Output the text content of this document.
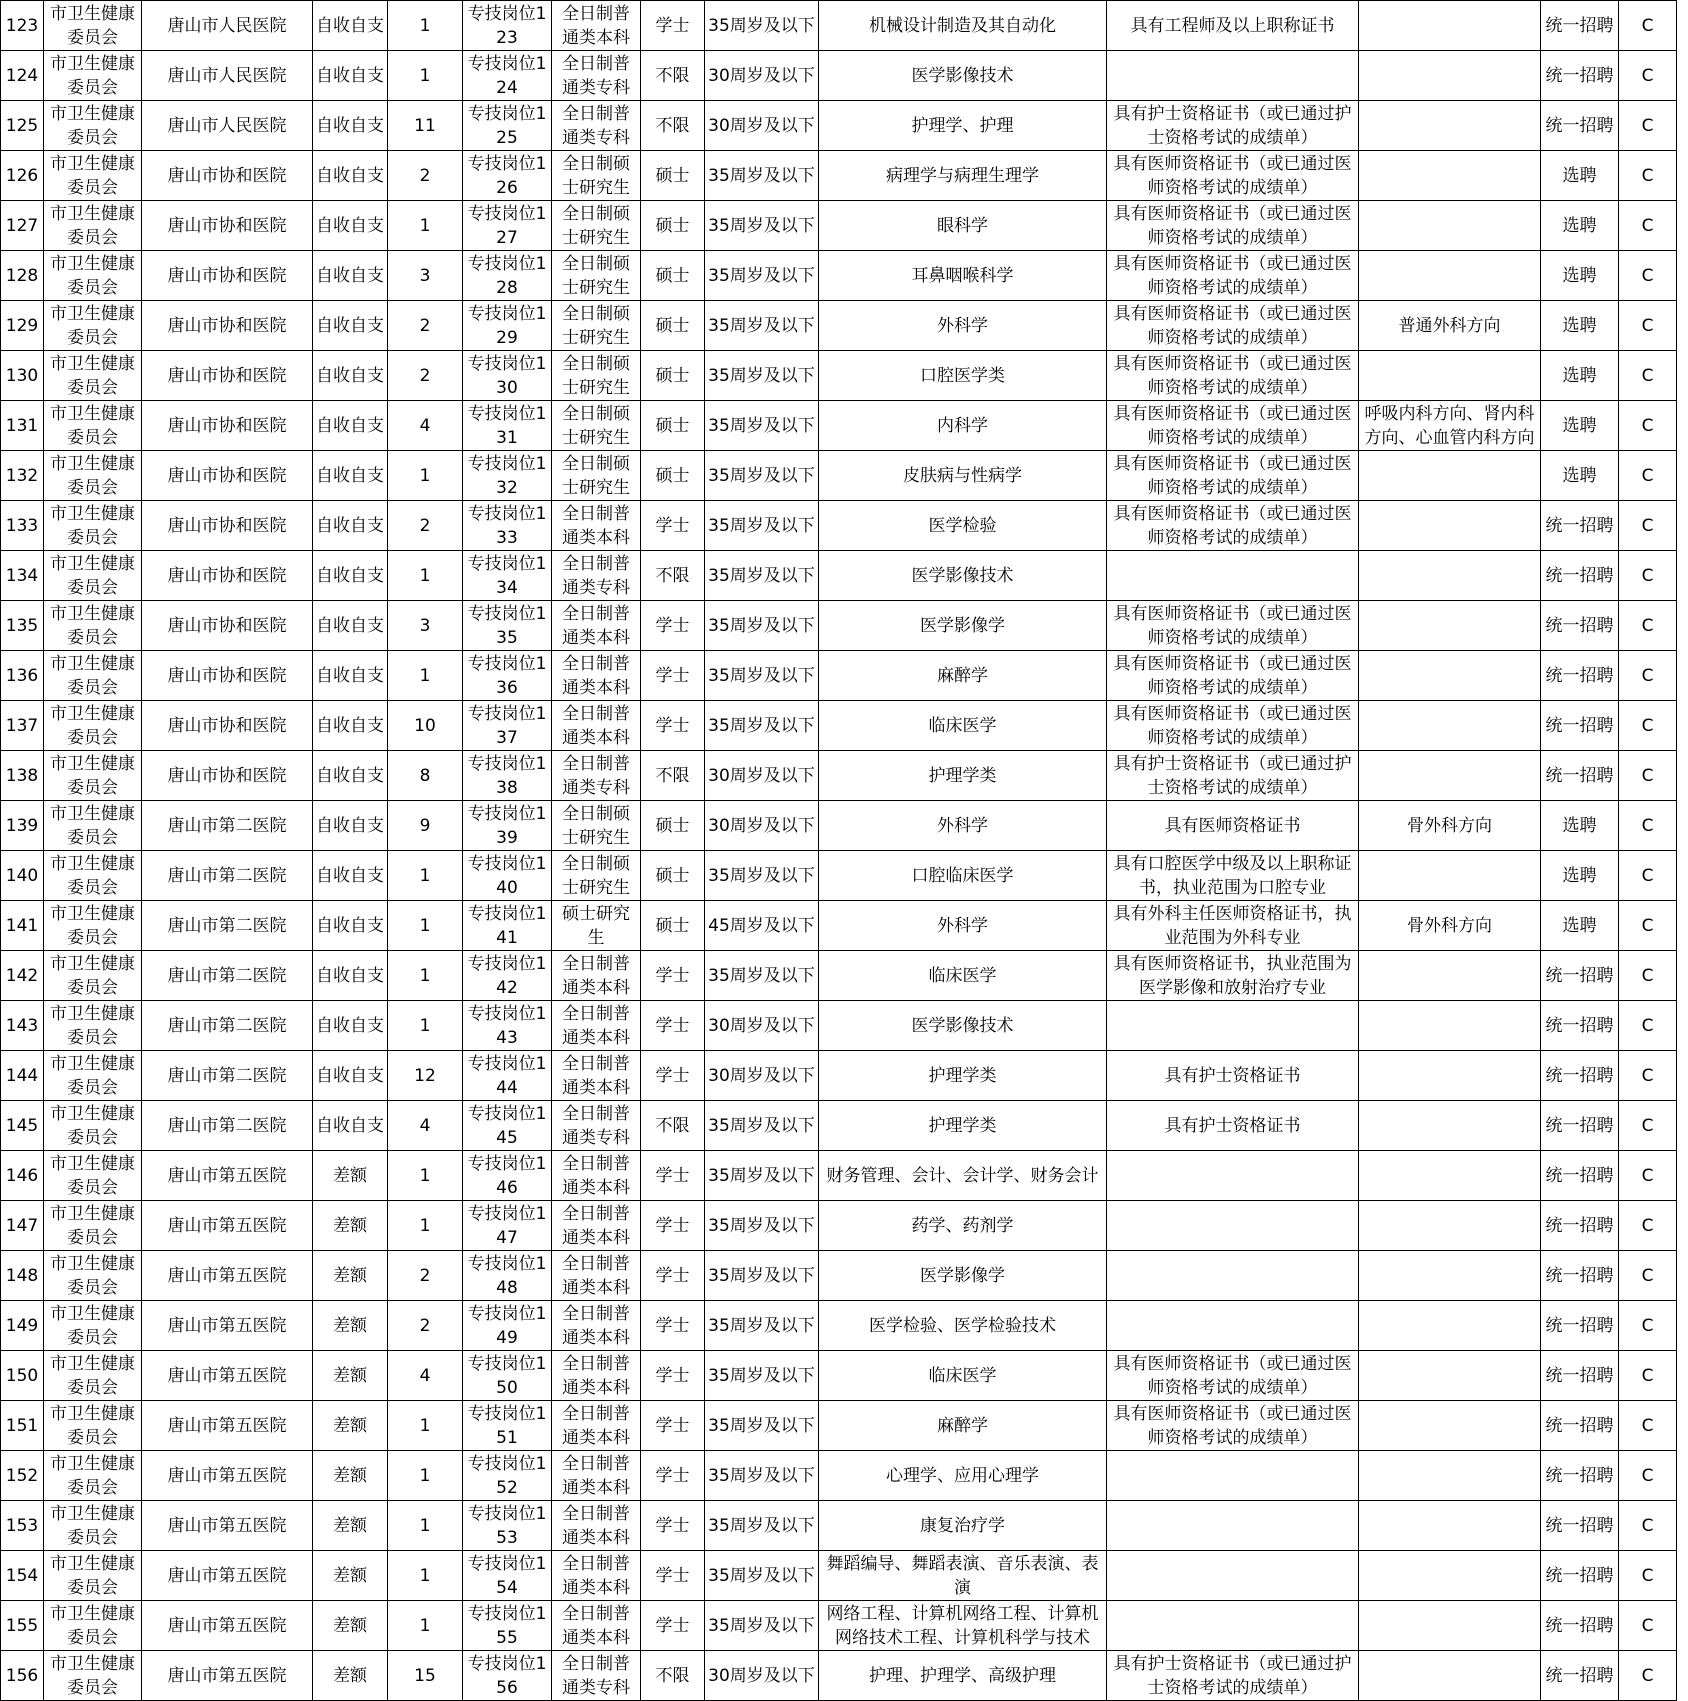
123	市卫生健康委员会	唐山市人民医院	自收自支	1	专技岗位123	全日制普通类本科	学士	35周岁及以下	机械设计制造及其自动化	具有工程师及以上职称证书		统一招聘	C
124	市卫生健康委员会	唐山市人民医院	自收自支	1	专技岗位124	全日制普通类专科	不限	30周岁及以下	医学影像技术			统一招聘	C
125	市卫生健康委员会	唐山市人民医院	自收自支	11	专技岗位125	全日制普通类专科	不限	30周岁及以下	护理学、护理	具有护士资格证书（或已通过护士资格考试的成绩单）		统一招聘	C
126	市卫生健康委员会	唐山市协和医院	自收自支	2	专技岗位126	全日制硕士研究生	硕士	35周岁及以下	病理学与病理生理学	具有医师资格证书（或已通过医师资格考试的成绩单）		选聘	C
127	市卫生健康委员会	唐山市协和医院	自收自支	1	专技岗位127	全日制硕士研究生	硕士	35周岁及以下	眼科学	具有医师资格证书（或已通过医师资格考试的成绩单）		选聘	C
128	市卫生健康委员会	唐山市协和医院	自收自支	3	专技岗位128	全日制硕士研究生	硕士	35周岁及以下	耳鼻咽喉科学	具有医师资格证书（或已通过医师资格考试的成绩单）		选聘	C
129	市卫生健康委员会	唐山市协和医院	自收自支	2	专技岗位129	全日制硕士研究生	硕士	35周岁及以下	外科学	具有医师资格证书（或已通过医师资格考试的成绩单）	普通外科方向	选聘	C
130	市卫生健康委员会	唐山市协和医院	自收自支	2	专技岗位130	全日制硕士研究生	硕士	35周岁及以下	口腔医学类	具有医师资格证书（或已通过医师资格考试的成绩单）		选聘	C
131	市卫生健康委员会	唐山市协和医院	自收自支	4	专技岗位131	全日制硕士研究生	硕士	35周岁及以下	内科学	具有医师资格证书（或已通过医师资格考试的成绩单）	呼吸内科方向、肾内科方向、心血管内科方向	选聘	C
132	市卫生健康委员会	唐山市协和医院	自收自支	1	专技岗位132	全日制硕士研究生	硕士	35周岁及以下	皮肤病与性病学	具有医师资格证书（或已通过医师资格考试的成绩单）		选聘	C
133	市卫生健康委员会	唐山市协和医院	自收自支	2	专技岗位133	全日制普通类本科	学士	35周岁及以下	医学检验	具有医师资格证书（或已通过医师资格考试的成绩单）		统一招聘	C
134	市卫生健康委员会	唐山市协和医院	自收自支	1	专技岗位134	全日制普通类专科	不限	35周岁及以下	医学影像技术			统一招聘	C
135	市卫生健康委员会	唐山市协和医院	自收自支	3	专技岗位135	全日制普通类本科	学士	35周岁及以下	医学影像学	具有医师资格证书（或已通过医师资格考试的成绩单）		统一招聘	C
136	市卫生健康委员会	唐山市协和医院	自收自支	1	专技岗位136	全日制普通类本科	学士	35周岁及以下	麻醉学	具有医师资格证书（或已通过医师资格考试的成绩单）		统一招聘	C
137	市卫生健康委员会	唐山市协和医院	自收自支	10	专技岗位137	全日制普通类本科	学士	35周岁及以下	临床医学	具有医师资格证书（或已通过医师资格考试的成绩单）		统一招聘	C
138	市卫生健康委员会	唐山市协和医院	自收自支	8	专技岗位138	全日制普通类专科	不限	30周岁及以下	护理学类	具有护士资格证书（或已通过护士资格考试的成绩单）		统一招聘	C
139	市卫生健康委员会	唐山市第二医院	自收自支	9	专技岗位139	全日制硕士研究生	硕士	30周岁及以下	外科学	具有医师资格证书	骨外科方向	选聘	C
140	市卫生健康委员会	唐山市第二医院	自收自支	1	专技岗位140	全日制硕士研究生	硕士	35周岁及以下	口腔临床医学	具有口腔医学中级及以上职称证书，执业范围为口腔专业		选聘	C
141	市卫生健康委员会	唐山市第二医院	自收自支	1	专技岗位141	硕士研究生	硕士	45周岁及以下	外科学	具有外科主任医师资格证书，执业范围为外科专业	骨外科方向	选聘	C
142	市卫生健康委员会	唐山市第二医院	自收自支	1	专技岗位142	全日制普通类本科	学士	35周岁及以下	临床医学	具有医师资格证书，执业范围为医学影像和放射治疗专业		统一招聘	C
143	市卫生健康委员会	唐山市第二医院	自收自支	1	专技岗位143	全日制普通类本科	学士	30周岁及以下	医学影像技术			统一招聘	C
144	市卫生健康委员会	唐山市第二医院	自收自支	12	专技岗位144	全日制普通类本科	学士	30周岁及以下	护理学类	具有护士资格证书		统一招聘	C
145	市卫生健康委员会	唐山市第二医院	自收自支	4	专技岗位145	全日制普通类专科	不限	35周岁及以下	护理学类	具有护士资格证书		统一招聘	C
146	市卫生健康委员会	唐山市第五医院	差额	1	专技岗位146	全日制普通类本科	学士	35周岁及以下	财务管理、会计、会计学、财务会计			统一招聘	C
147	市卫生健康委员会	唐山市第五医院	差额	1	专技岗位147	全日制普通类本科	学士	35周岁及以下	药学、药剂学			统一招聘	C
148	市卫生健康委员会	唐山市第五医院	差额	2	专技岗位148	全日制普通类本科	学士	35周岁及以下	医学影像学			统一招聘	C
149	市卫生健康委员会	唐山市第五医院	差额	2	专技岗位149	全日制普通类本科	学士	35周岁及以下	医学检验、医学检验技术			统一招聘	C
150	市卫生健康委员会	唐山市第五医院	差额	4	专技岗位150	全日制普通类本科	学士	35周岁及以下	临床医学	具有医师资格证书（或已通过医师资格考试的成绩单）		统一招聘	C
151	市卫生健康委员会	唐山市第五医院	差额	1	专技岗位151	全日制普通类本科	学士	35周岁及以下	麻醉学	具有医师资格证书（或已通过医师资格考试的成绩单）		统一招聘	C
152	市卫生健康委员会	唐山市第五医院	差额	1	专技岗位152	全日制普通类本科	学士	35周岁及以下	心理学、应用心理学			统一招聘	C
153	市卫生健康委员会	唐山市第五医院	差额	1	专技岗位153	全日制普通类本科	学士	35周岁及以下	康复治疗学			统一招聘	C
154	市卫生健康委员会	唐山市第五医院	差额	1	专技岗位154	全日制普通类本科	学士	35周岁及以下	舞蹈编导、舞蹈表演、音乐表演、表演			统一招聘	C
155	市卫生健康委员会	唐山市第五医院	差额	1	专技岗位155	全日制普通类本科	学士	35周岁及以下	网络工程、计算机网络工程、计算机网络技术工程、计算机科学与技术			统一招聘	C
156	市卫生健康委员会	唐山市第五医院	差额	15	专技岗位156	全日制普通类专科	不限	30周岁及以下	护理、护理学、高级护理	具有护士资格证书（或已通过护士资格考试的成绩单）		统一招聘	C
